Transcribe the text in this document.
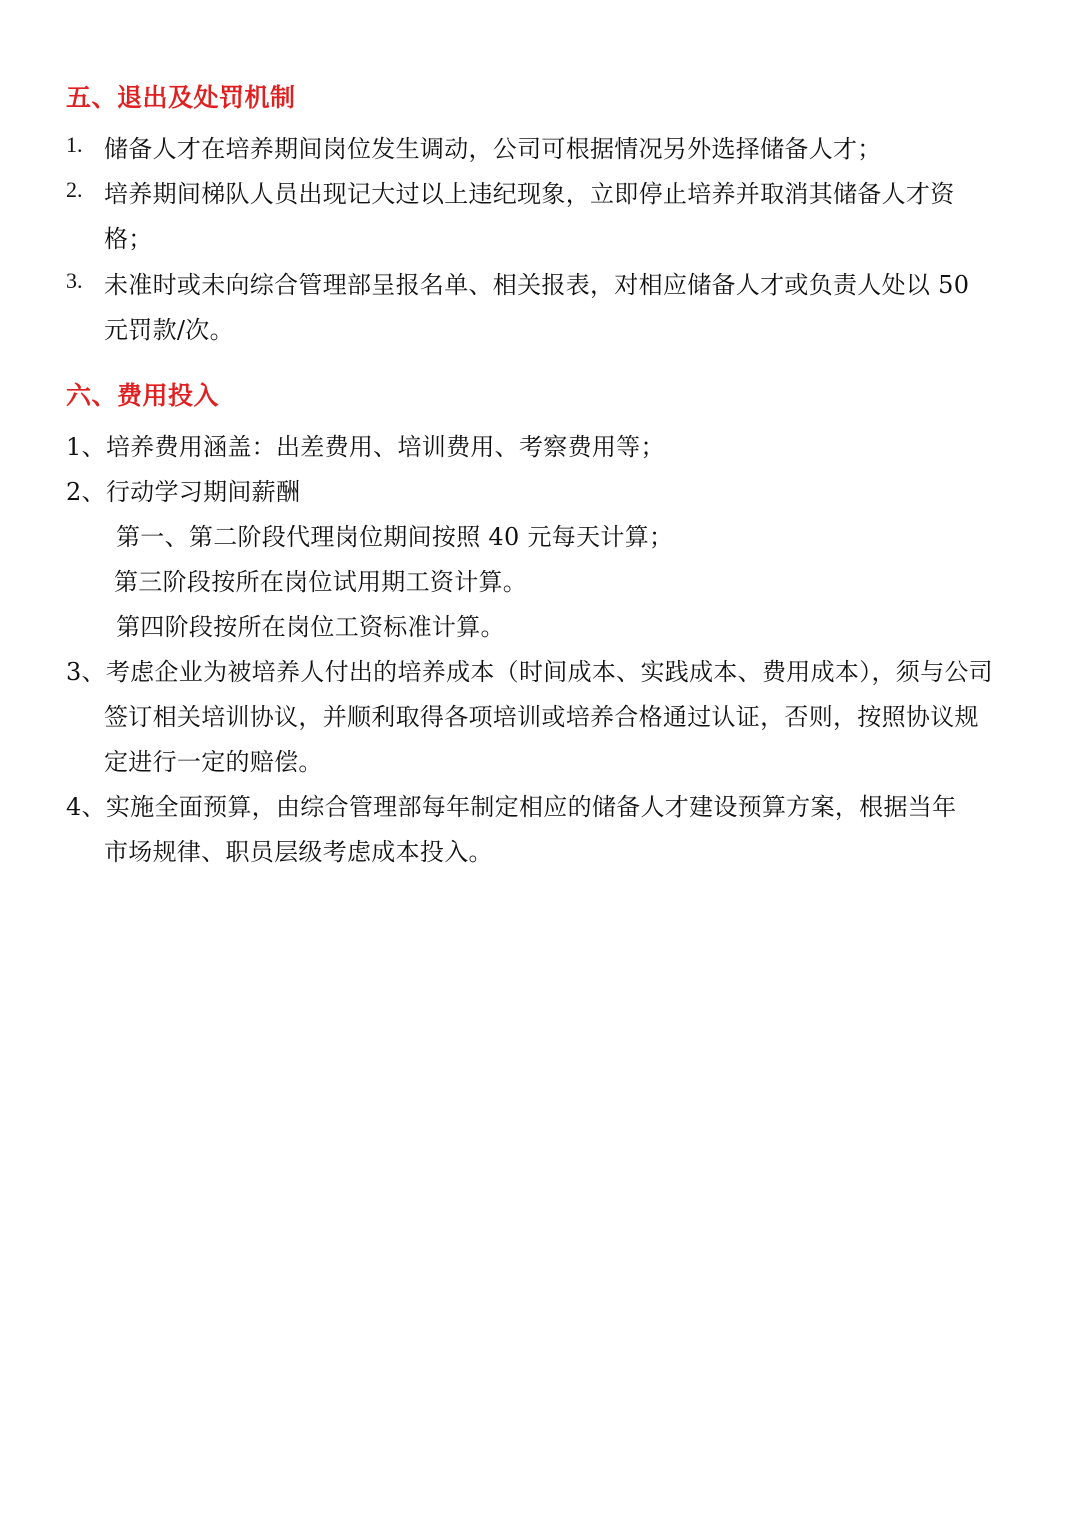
五、退出及处罚机制
1. 储备人才在培养期间岗位发生调动，公司可根据情况另外选择储备人才；
2. 培养期间梯队人员出现记大过以上违纪现象，立即停止培养并取消其储备人才资
格；
3. 未准时或未向综合管理部呈报名单、相关报表，对相应储备人才或负责人处以 50
元罚款/次。
六、费用投入
1、培养费用涵盖：出差费用、培训费用、考察费用等；
2、行动学习期间薪酬
第一、第二阶段代理岗位期间按照 40 元每天计算；
第三阶段按所在岗位试用期工资计算。
第四阶段按所在岗位工资标准计算。
3、考虑企业为被培养人付出的培养成本（时间成本、实践成本、费用成本），须与公司
签订相关培训协议，并顺利取得各项培训或培养合格通过认证，否则，按照协议规
定进行一定的赔偿。
4、实施全面预算，由综合管理部每年制定相应的储备人才建设预算方案，根据当年
市场规律、职员层级考虑成本投入。
